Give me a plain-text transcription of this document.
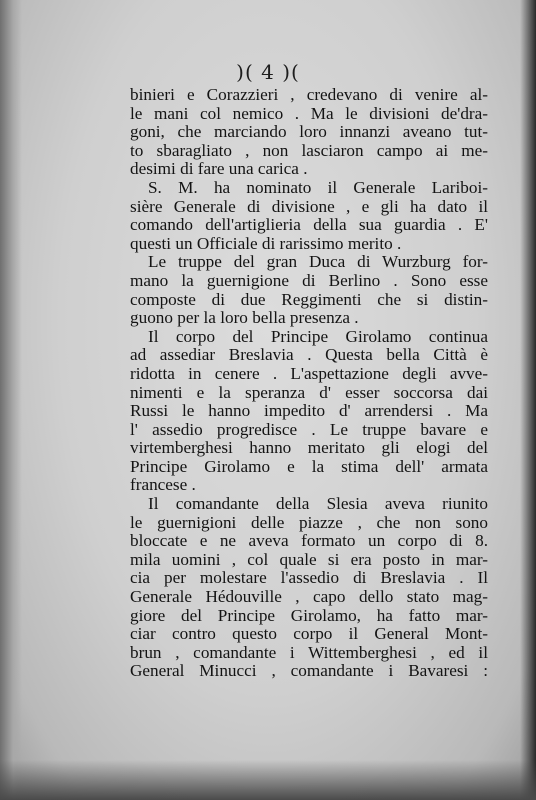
)( 4 )(
binieri e Corazzieri , credevano di venire al-
le mani col nemico . Ma le divisioni de'dra-
goni, che marciando loro innanzi aveano tut-
to sbaragliato , non lasciaron campo ai me-
desimi di fare una carica .
S. M. ha nominato il Generale Lariboi-
sière Generale di divisione , e gli ha dato il
comando dell'artiglieria della sua guardia . E'
questi un Officiale di rarissimo merito .
Le truppe del gran Duca di Wurzburg for-
mano la guernigione di Berlino . Sono esse
composte di due Reggimenti che si distin-
guono per la loro bella presenza .
Il corpo del Principe Girolamo continua
ad assediar Breslavia . Questa bella Città è
ridotta in cenere . L'aspettazione degli avve-
nimenti e la speranza d' esser soccorsa dai
Russi le hanno impedito d' arrendersi . Ma
l' assedio progredisce . Le truppe bavare e
virtemberghesi hanno meritato gli elogi del
Principe Girolamo e la stima dell' armata
francese .
Il comandante della Slesia aveva riunito
le guernigioni delle piazze , che non sono
bloccate e ne aveva formato un corpo di 8.
mila uomini , col quale si era posto in mar-
cia per molestare l'assedio di Breslavia . Il
Generale Hédouville , capo dello stato mag-
giore del Principe Girolamo, ha fatto mar-
ciar contro questo corpo il General Mont-
brun , comandante i Wittemberghesi , ed il
General Minucci , comandante i Bavaresi :
